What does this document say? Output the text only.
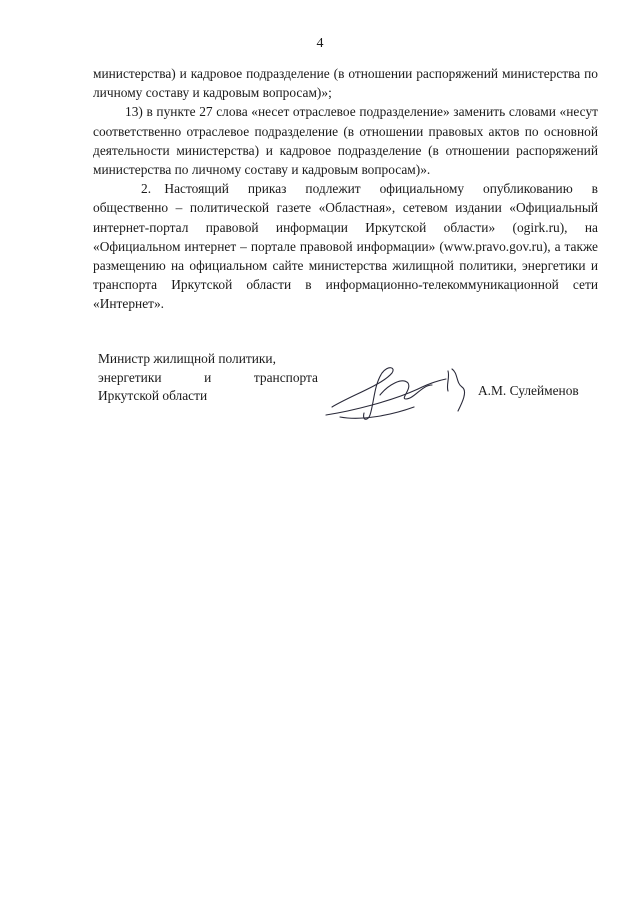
4

министерства) и кадровое подразделение (в отношении распоряжений министерства по личному составу и кадровым вопросам)»;

13) в пункте 27 слова «несет отраслевое подразделение» заменить словами «несут соответственно отраслевое подразделение (в отношении правовых актов по основной деятельности министерства) и кадровое подразделение (в отношении распоряжений министерства по личному составу и кадровым вопросам)».

2. Настоящий приказ подлежит официальному опубликованию в общественно – политической газете «Областная», сетевом издании «Официальный интернет-портал правовой информации Иркутской области» (ogirk.ru), на «Официальном интернет – портале правовой информации» (www.pravo.gov.ru), а также размещению на официальном сайте министерства жилищной политики, энергетики и транспорта Иркутской области в информационно-телекоммуникационной сети «Интернет».

Министр жилищной политики,
энергетики и транспорта
Иркутской области	А.М. Сулейменов
